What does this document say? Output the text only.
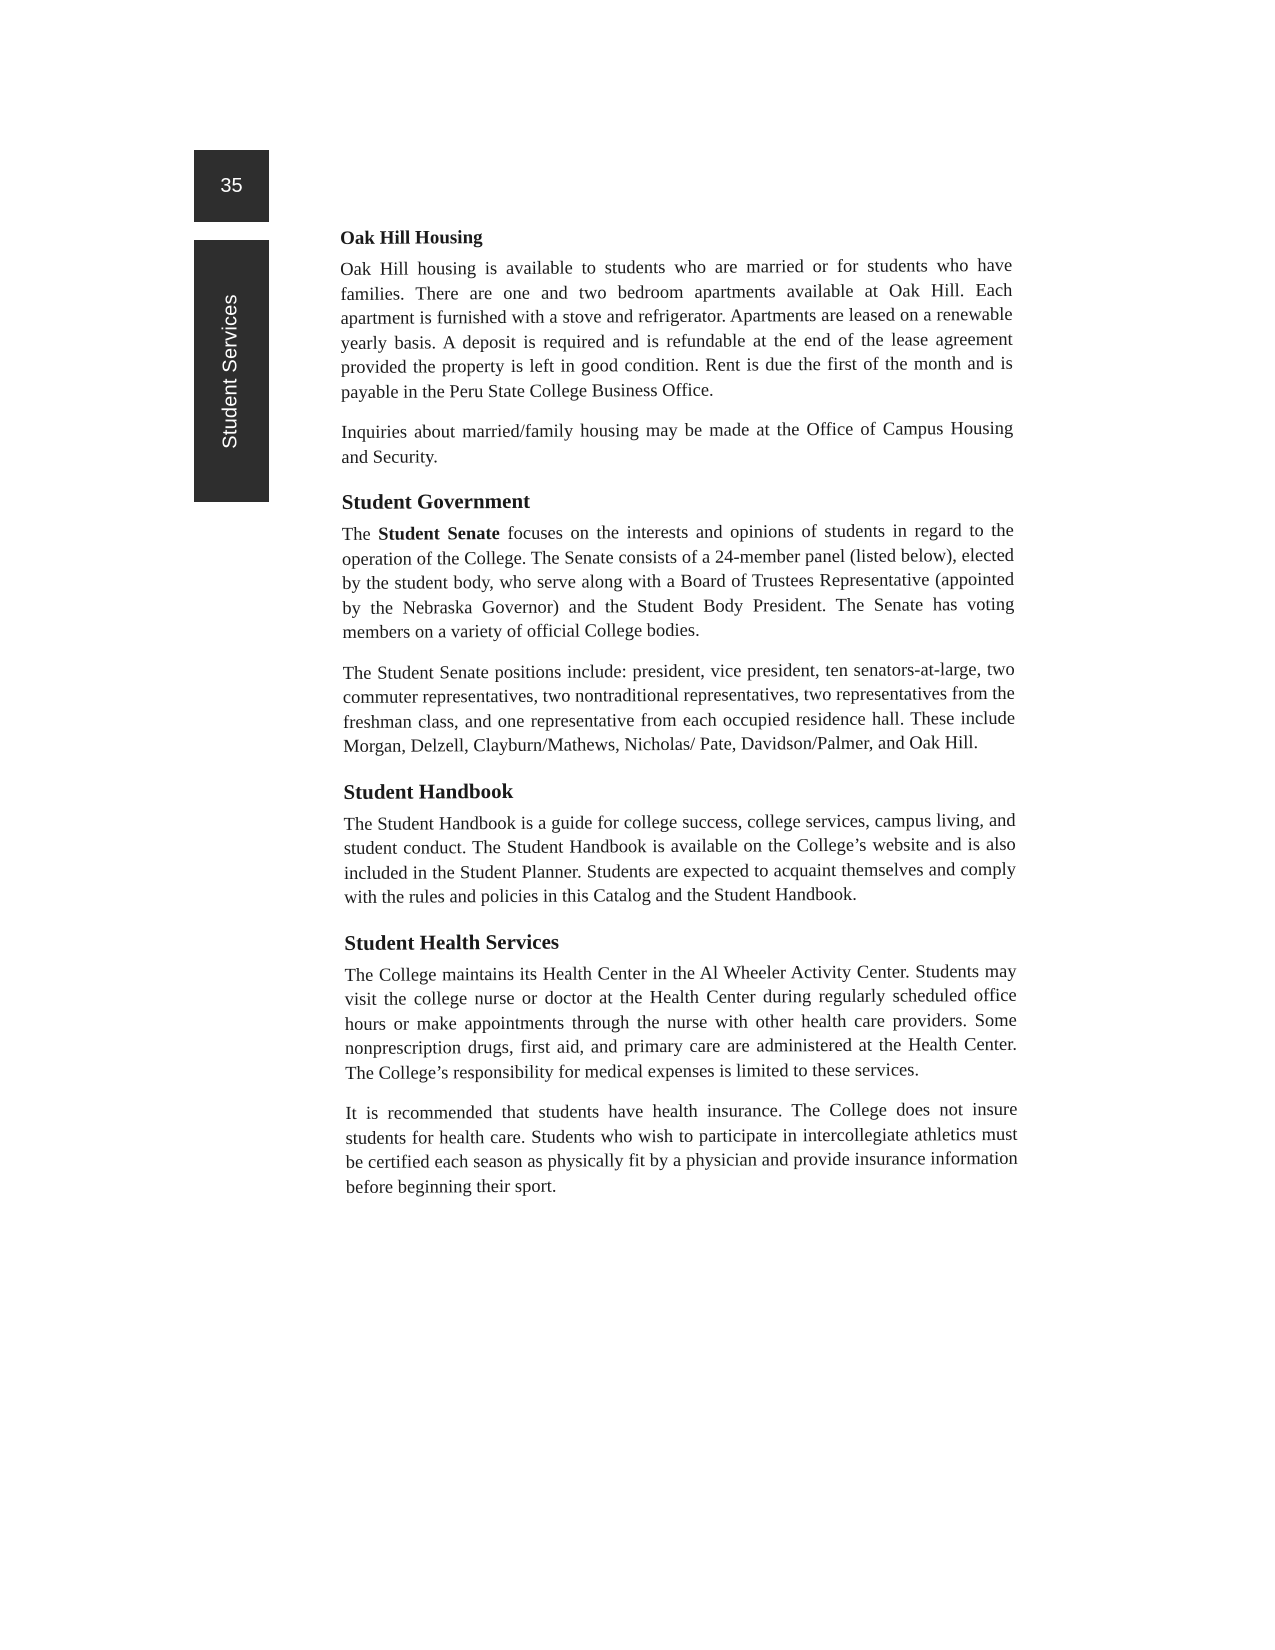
35
Student Services
Oak Hill Housing

Oak Hill housing is available to students who are married or for students who have families. There are one and two bedroom apartments available at Oak Hill. Each apartment is furnished with a stove and refrigerator. Apartments are leased on a renewable yearly basis. A deposit is required and is refundable at the end of the lease agreement provided the property is left in good condition. Rent is due the first of the month and is payable in the Peru State College Business Office.

Inquiries about married/family housing may be made at the Office of Campus Housing and Security.

Student Government

The Student Senate focuses on the interests and opinions of students in regard to the operation of the College. The Senate consists of a 24-member panel (listed below), elected by the student body, who serve along with a Board of Trustees Representative (appointed by the Nebraska Governor) and the Student Body President. The Senate has voting members on a variety of official College bodies.

The Student Senate positions include: president, vice president, ten senators-at-large, two commuter representatives, two nontraditional representatives, two representatives from the freshman class, and one representative from each occupied residence hall. These include Morgan, Delzell, Clayburn/Mathews, Nicholas/ Pate, Davidson/Palmer, and Oak Hill.

Student Handbook

The Student Handbook is a guide for college success, college services, campus living, and student conduct. The Student Handbook is available on the College’s website and is also included in the Student Planner. Students are expected to acquaint themselves and comply with the rules and policies in this Catalog and the Student Handbook.

Student Health Services

The College maintains its Health Center in the Al Wheeler Activity Center. Students may visit the college nurse or doctor at the Health Center during regularly scheduled office hours or make appointments through the nurse with other health care providers. Some nonprescription drugs, first aid, and primary care are administered at the Health Center. The College’s responsibility for medical expenses is limited to these services.

It is recommended that students have health insurance. The College does not insure students for health care. Students who wish to participate in intercollegiate athletics must be certified each season as physically fit by a physician and provide insurance information before beginning their sport.
